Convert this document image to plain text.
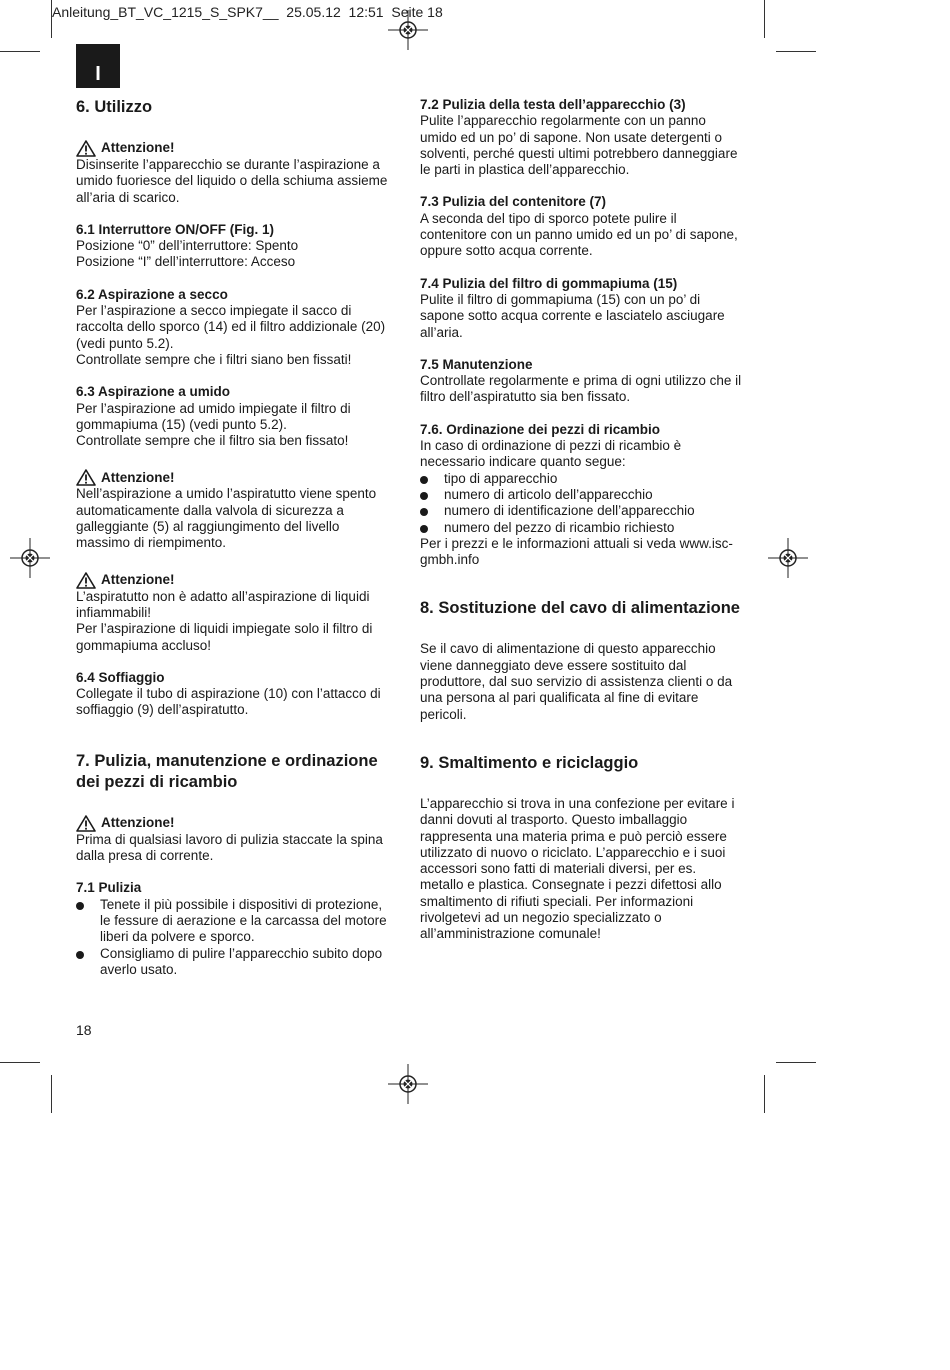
Anleitung_BT_VC_1215_S_SPK7__  25.05.12  12:51  Seite 18
I
6. Utilizzo
Attenzione!

Disinserite l’apparecchio se durante l’aspirazione a umido fuoriesce del liquido o della schiuma assieme all’aria di scarico.

6.1 Interruttore ON/OFF (Fig. 1)

Posizione “0” dell’interruttore: Spento

Posizione “I” dell’interruttore: Acceso

6.2 Aspirazione a secco

Per l’aspirazione a secco impiegate il sacco di raccolta dello sporco (14) ed il filtro addizionale (20) (vedi punto 5.2).

Controllate sempre che i filtri siano ben fissati!

6.3 Aspirazione a umido

Per l’aspirazione ad umido impiegate il filtro di gommapiuma (15) (vedi punto 5.2).

Controllate sempre che il filtro sia ben fissato!

Attenzione!

Nell’aspirazione a umido l’aspiratutto viene spento automaticamente dalla valvola di sicurezza a galleggiante (5) al raggiungimento del livello massimo di riempimento.

Attenzione!

L’aspiratutto non è adatto all’aspirazione di liquidi infiammabili!

Per l’aspirazione di liquidi impiegate solo il filtro di gommapiuma accluso!

6.4 Soffiaggio

Collegate il tubo di aspirazione (10) con l’attacco di soffiaggio (9) dell’aspiratutto.

7. Pulizia, manutenzione e ordinazione dei pezzi di ricambio
Attenzione!

Prima di qualsiasi lavoro di pulizia staccate la spina dalla presa di corrente.

7.1 Pulizia

Tenete il più possibile i dispositivi di protezione, le fessure di aerazione e la carcassa del motore liberi da polvere e sporco.
Consigliamo di pulire l’apparecchio subito dopo averlo usato.

7.2 Pulizia della testa dell’apparecchio (3)

Pulite l’apparecchio regolarmente con un panno umido ed un po’ di sapone. Non usate detergenti o solventi, perché questi ultimi potrebbero danneggiare le parti in plastica dell’apparecchio.

7.3 Pulizia del contenitore (7)

A seconda del tipo di sporco potete pulire il contenitore con un panno umido ed un po’ di sapone, oppure sotto acqua corrente.

7.4 Pulizia del filtro di gommapiuma (15)

Pulite il filtro di gommapiuma (15) con un po’ di sapone sotto acqua corrente e lasciatelo asciugare all’aria.

7.5 Manutenzione

Controllate regolarmente e prima di ogni utilizzo che il filtro dell’aspiratutto sia ben fissato.

7.6. Ordinazione dei pezzi di ricambio

In caso di ordinazione di pezzi di ricambio è necessario indicare quanto segue:

tipo di apparecchio
numero di articolo dell’apparecchio
numero di identificazione dell’apparecchio
numero del pezzo di ricambio richiesto

Per i prezzi e le informazioni attuali si veda www.isc-gmbh.info

8. Sostituzione del cavo di alimentazione

Se il cavo di alimentazione di questo apparecchio viene danneggiato deve essere sostituito dal produttore, dal suo servizio di assistenza clienti o da una persona al pari qualificata al fine di evitare pericoli.

9. Smaltimento e riciclaggio

L’apparecchio si trova in una confezione per evitare i danni dovuti al trasporto. Questo imballaggio rappresenta una materia prima e può perciò essere utilizzato di nuovo o riciclato. L’apparecchio e i suoi accessori sono fatti di materiali diversi, per es. metallo e plastica. Consegnate i pezzi difettosi allo smaltimento di rifiuti speciali. Per informazioni rivolgetevi ad un negozio specializzato o all’amministrazione comunale!

18
